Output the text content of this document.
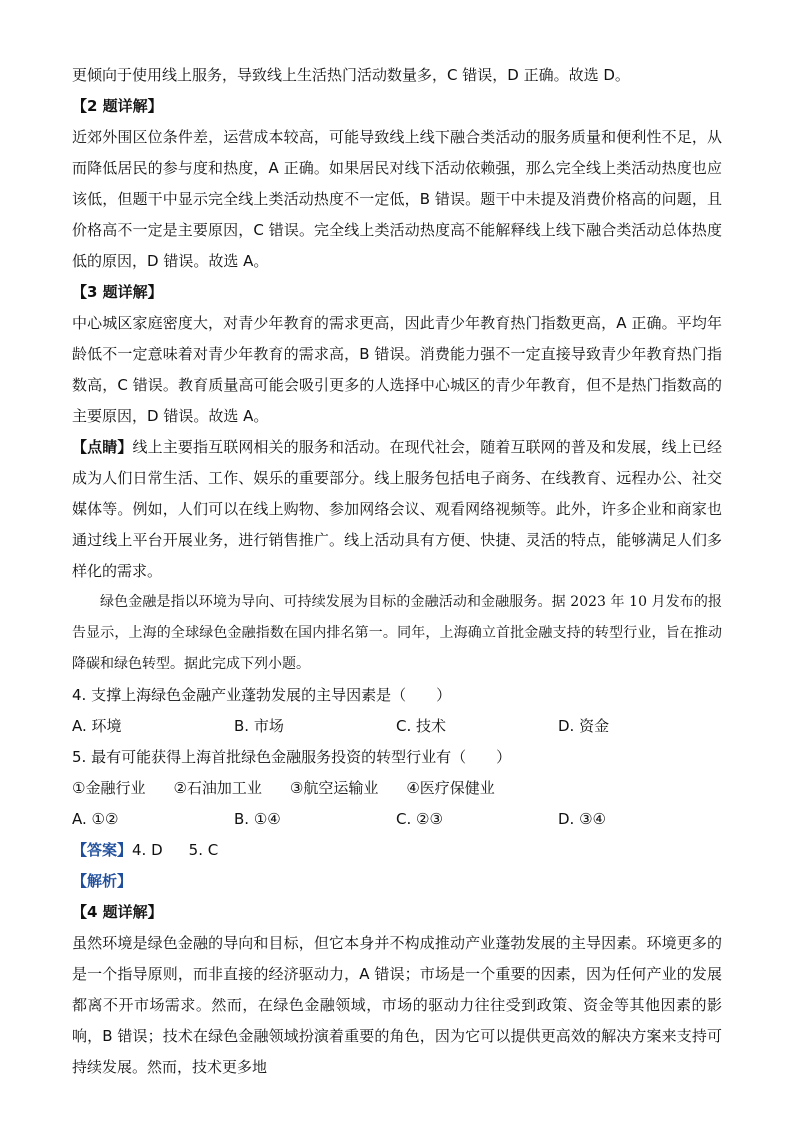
更倾向于使用线上服务，导致线上生活热门活动数量多，C 错误，D 正确。故选 D。

【2 题详解】

近郊外围区位条件差，运营成本较高，可能导致线上线下融合类活动的服务质量和便利性不足，从而降低居民的参与度和热度，A 正确。如果居民对线下活动依赖强，那么完全线上类活动热度也应该低，但题干中显示完全线上类活动热度不一定低，B 错误。题干中未提及消费价格高的问题，且价格高不一定是主要原因，C 错误。完全线上类活动热度高不能解释线上线下融合类活动总体热度低的原因，D 错误。故选 A。

【3 题详解】

中心城区家庭密度大，对青少年教育的需求更高，因此青少年教育热门指数更高，A 正确。平均年龄低不一定意味着对青少年教育的需求高，B 错误。消费能力强不一定直接导致青少年教育热门指数高，C 错误。教育质量高可能会吸引更多的人选择中心城区的青少年教育，但不是热门指数高的主要原因，D 错误。故选 A。

【点睛】线上主要指互联网相关的服务和活动。在现代社会，随着互联网的普及和发展，线上已经成为人们日常生活、工作、娱乐的重要部分。线上服务包括电子商务、在线教育、远程办公、社交媒体等。例如，人们可以在线上购物、参加网络会议、观看网络视频等。此外，许多企业和商家也通过线上平台开展业务，进行销售推广。线上活动具有方便、快捷、灵活的特点，能够满足人们多样化的需求。

绿色金融是指以环境为导向、可持续发展为目标的金融活动和金融服务。据 2023 年 10 月发布的报告显示，上海的全球绿色金融指数在国内排名第一。同年，上海确立首批金融支持的转型行业，旨在推动降碳和绿色转型。据此完成下列小题。

4. 支撑上海绿色金融产业蓬勃发展的主导因素是（　　）

A. 环境	B. 市场	C. 技术	D. 资金

5. 最有可能获得上海首批绿色金融服务投资的转型行业有（　　）

①金融行业 ②石油加工业 ③航空运输业 ④医疗保健业
A. ①②	B. ①④	C. ②③	D. ③④
【答案】4. D 5. C

【解析】

【4 题详解】

虽然环境是绿色金融的导向和目标，但它本身并不构成推动产业蓬勃发展的主导因素。环境更多的是一个指导原则，而非直接的经济驱动力，A 错误；市场是一个重要的因素，因为任何产业的发展都离不开市场需求。然而，在绿色金融领域，市场的驱动力往往受到政策、资金等其他因素的影响，B 错误；技术在绿色金融领域扮演着重要的角色，因为它可以提供更高效的解决方案来支持可持续发展。然而，技术更多地
